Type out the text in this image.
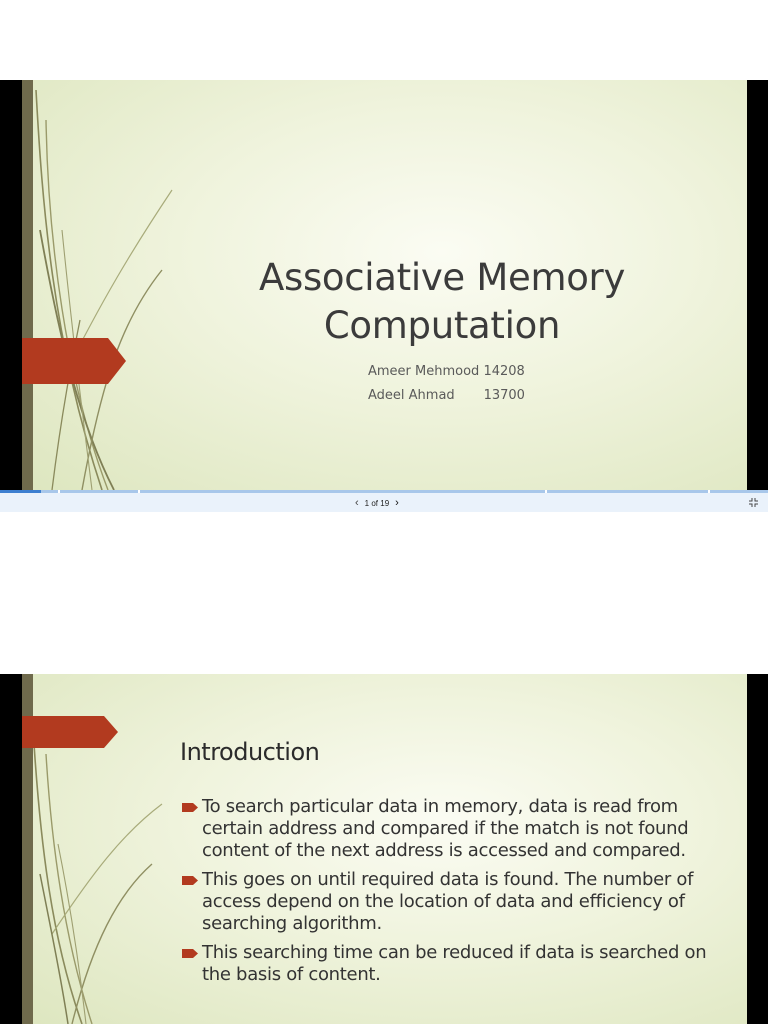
Associative Memory
Computation
Ameer Mehmood 14208
Adeel Ahmad       13700
‹ 1 of 19 ›
Introduction
To search particular data in memory, data is read from certain address and compared if the match is not found content of the next address is accessed and compared.
This goes on until required data is found. The number of access depend on the location of data and efficiency of searching algorithm.
This searching time can be reduced if data is searched on the basis of content.
